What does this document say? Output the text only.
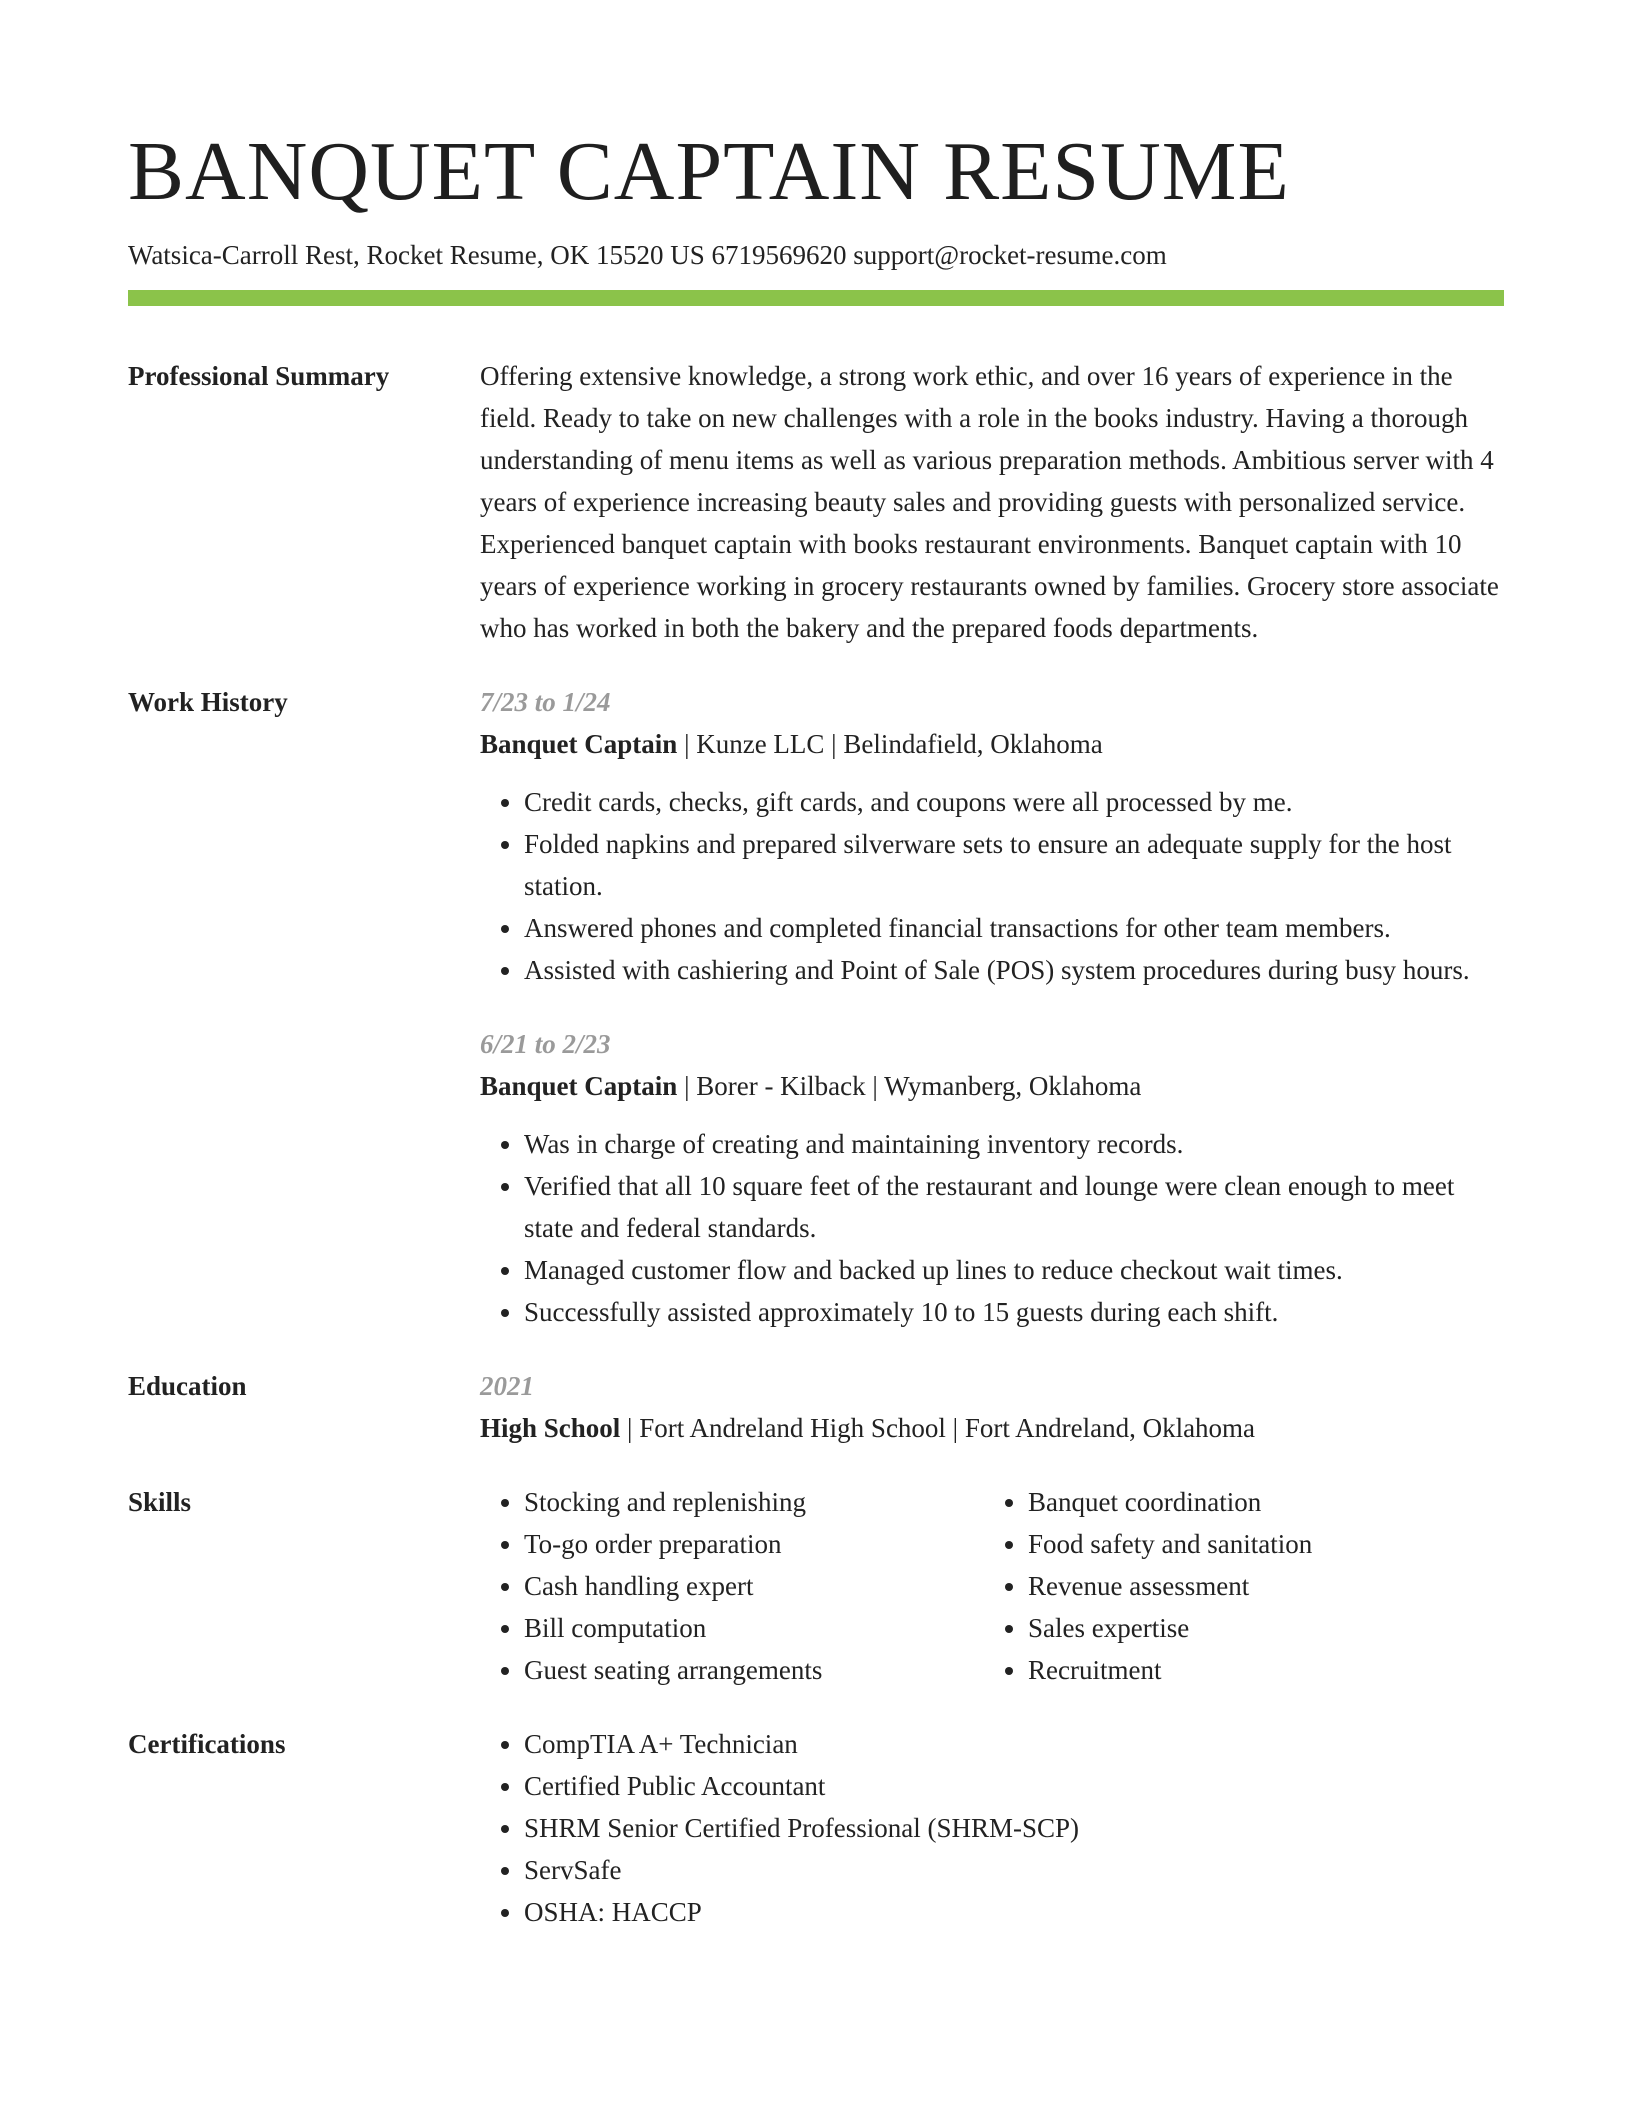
BANQUET CAPTAIN RESUME
Watsica-Carroll Rest, Rocket Resume, OK 15520 US 6719569620 support@rocket-resume.com
Professional Summary	Offering extensive knowledge, a strong work ethic, and over 16 years of experience in the field. Ready to take on new challenges with a role in the books industry. Having a thorough understanding of menu items as well as various preparation methods. Ambitious server with 4 years of experience increasing beauty sales and providing guests with personalized service. Experienced banquet captain with books restaurant environments. Banquet captain with 10 years of experience working in grocery restaurants owned by families. Grocery store associate who has worked in both the bakery and the prepared foods departments.
Work History	7/23 to 1/24
Banquet Captain | Kunze LLC | Belindafield, Oklahoma
• Credit cards, checks, gift cards, and coupons were all processed by me.
• Folded napkins and prepared silverware sets to ensure an adequate supply for the host station.
• Answered phones and completed financial transactions for other team members.
• Assisted with cashiering and Point of Sale (POS) system procedures during busy hours.
6/21 to 2/23
Banquet Captain | Borer - Kilback | Wymanberg, Oklahoma
• Was in charge of creating and maintaining inventory records.
• Verified that all 10 square feet of the restaurant and lounge were clean enough to meet state and federal standards.
• Managed customer flow and backed up lines to reduce checkout wait times.
• Successfully assisted approximately 10 to 15 guests during each shift.
Education	2021
High School | Fort Andreland High School | Fort Andreland, Oklahoma
Skills	• Stocking and replenishing
• To-go order preparation
• Cash handling expert
• Bill computation
• Guest seating arrangements
• Banquet coordination
• Food safety and sanitation
• Revenue assessment
• Sales expertise
• Recruitment
Certifications	• CompTIA A+ Technician
• Certified Public Accountant
• SHRM Senior Certified Professional (SHRM-SCP)
• ServSafe
• OSHA: HACCP
